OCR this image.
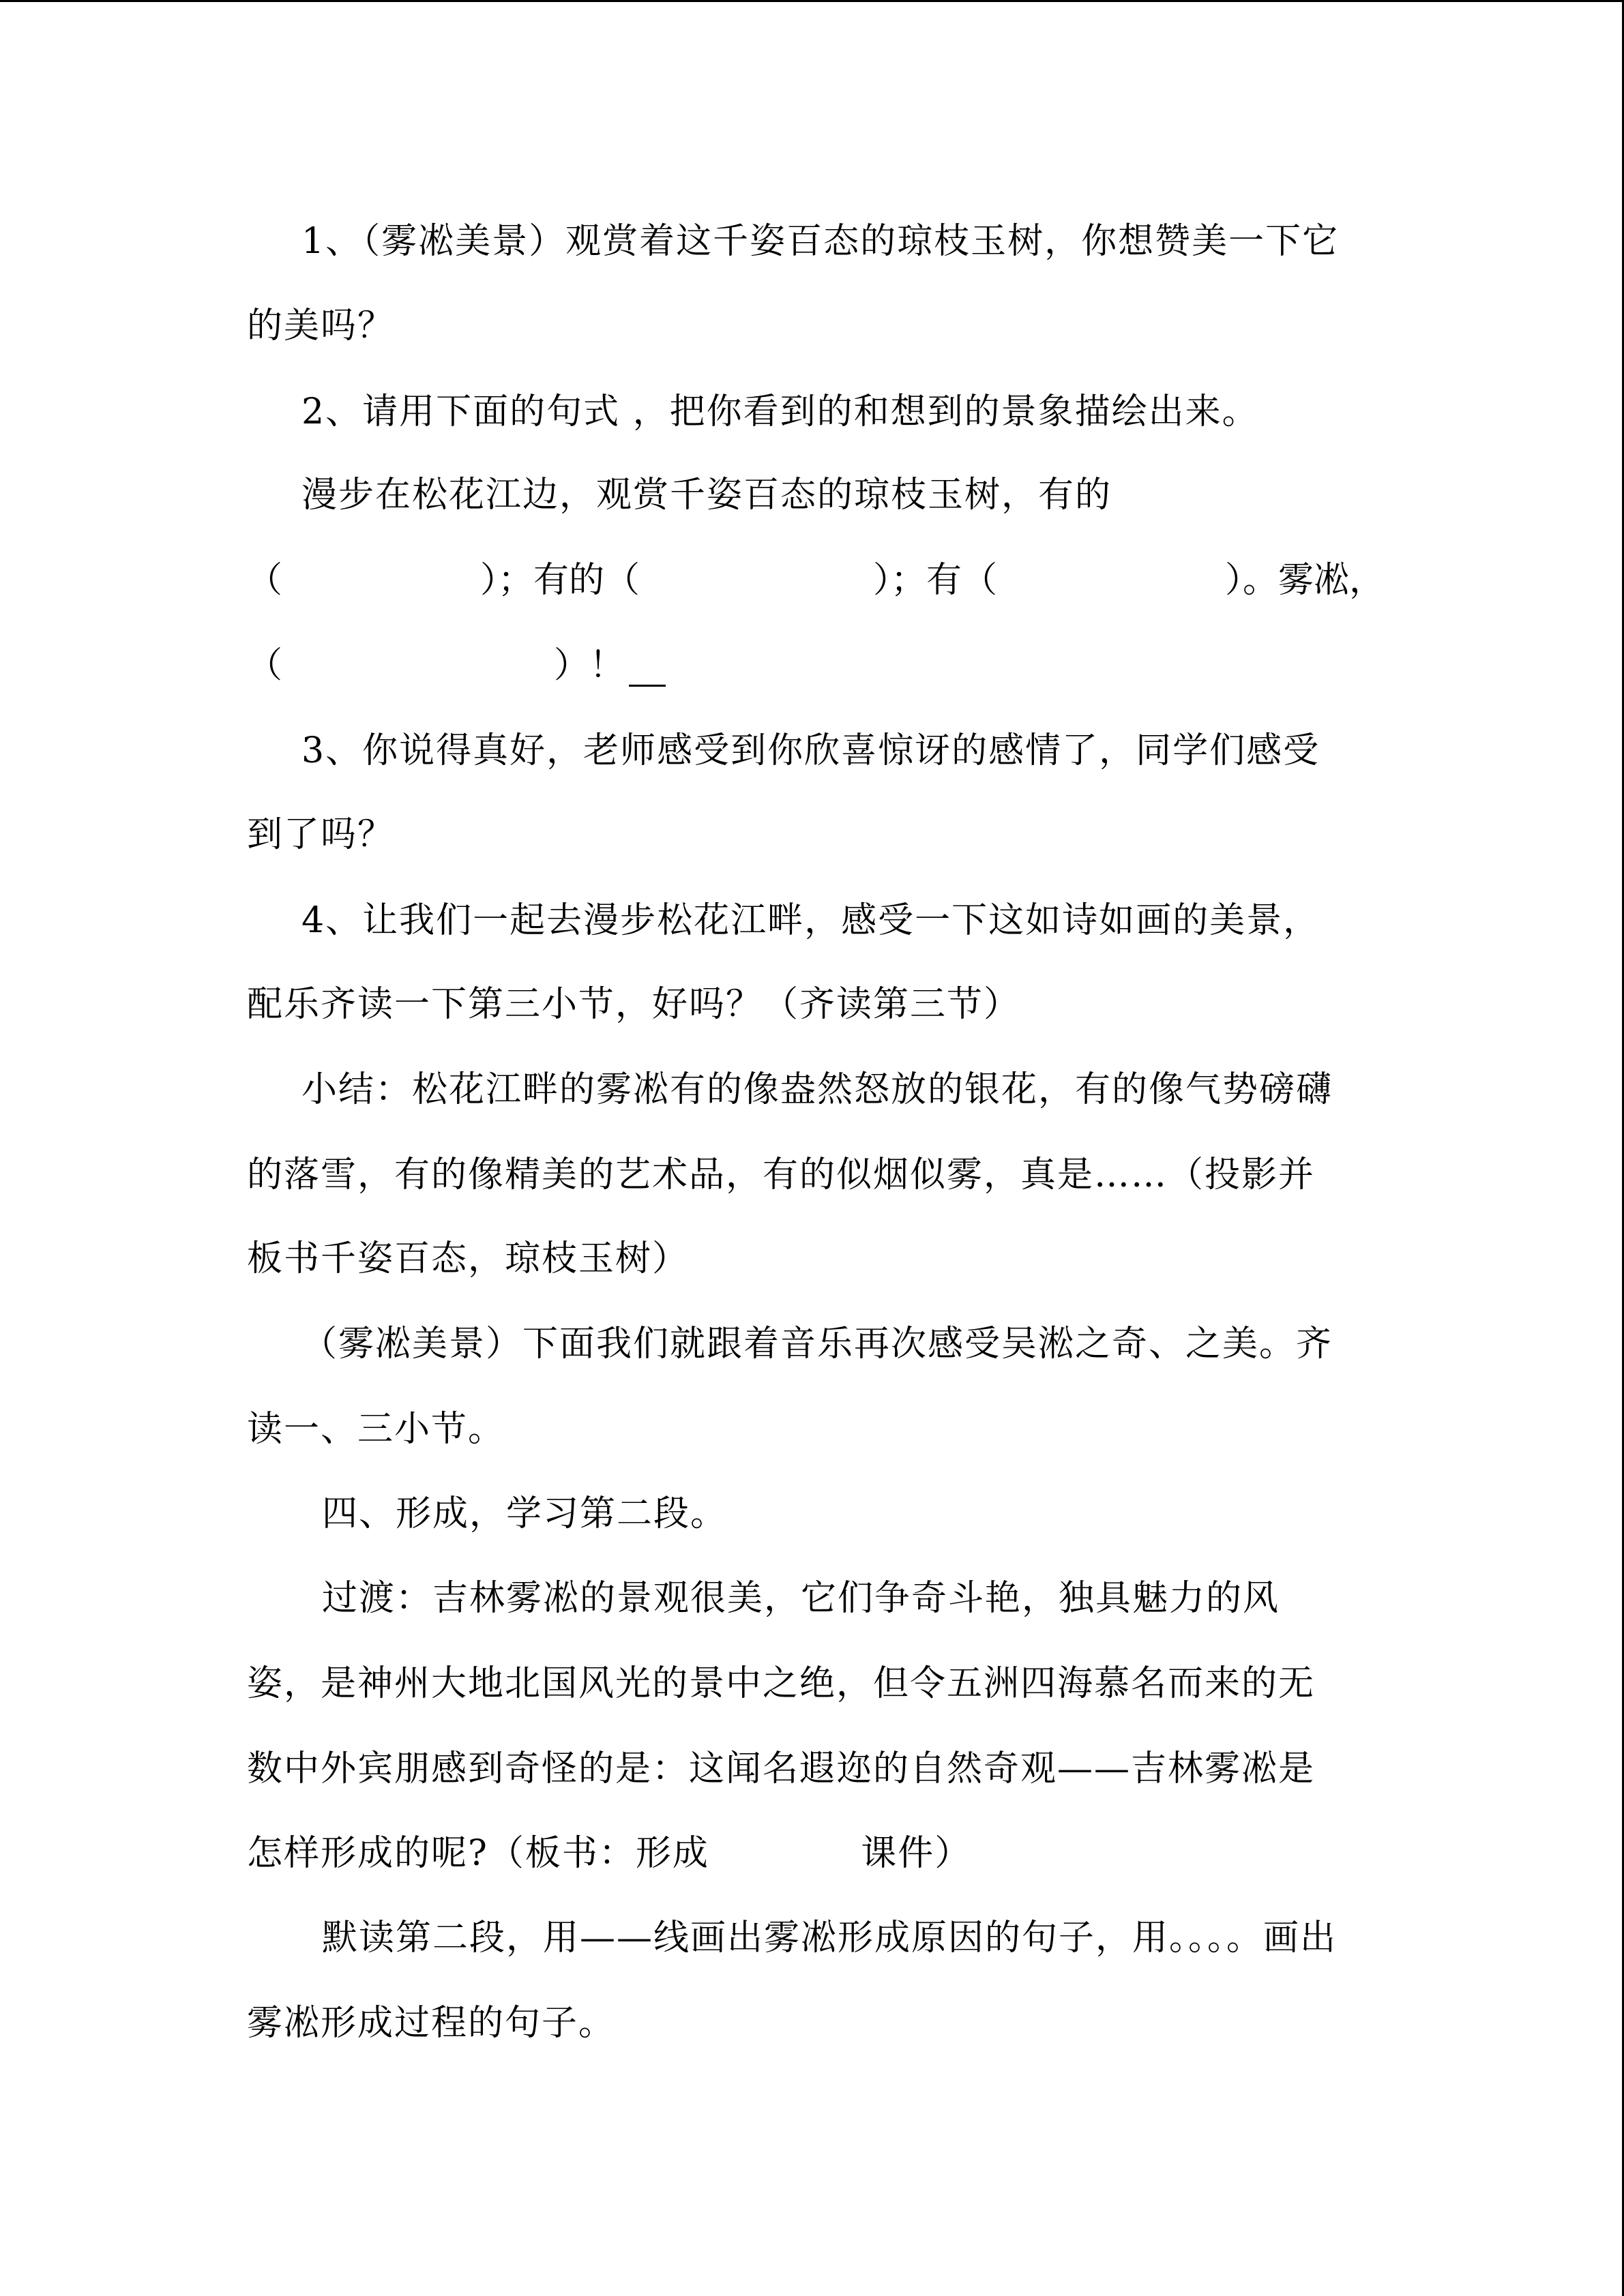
1、（雾凇美景）观赏着这千姿百态的琼枝玉树，你想赞美一下它
的美吗？
2、请用下面的句式 ，把你看到的和想到的景象描绘出来。
漫步在松花江边，观赏千姿百态的琼枝玉树，有的
（	）；有的（	）；有（	）。雾凇，
（	）！
3、你说得真好，老师感受到你欣喜惊讶的感情了，同学们感受
到了吗？
4、让我们一起去漫步松花江畔，感受一下这如诗如画的美景，
配乐齐读一下第三小节，好吗？（齐读第三节）
小结：松花江畔的雾凇有的像盎然怒放的银花，有的像气势磅礴
的落雪，有的像精美的艺术品，有的似烟似雾，真是……（投影并
板书千姿百态，琼枝玉树）
（雾凇美景）下面我们就跟着音乐再次感受吴淞之奇、之美。齐
读一、三小节。
四、形成，学习第二段。
过渡：吉林雾凇的景观很美，它们争奇斗艳，独具魅力的风
姿，是神州大地北国风光的景中之绝，但令五洲四海慕名而来的无
数中外宾朋感到奇怪的是：这闻名遐迩的自然奇观——吉林雾凇是
怎样形成的呢?（板书：形成            课件）
默读第二段，用——线画出雾凇形成原因的句子，用。。。。画出
雾凇形成过程的句子。
